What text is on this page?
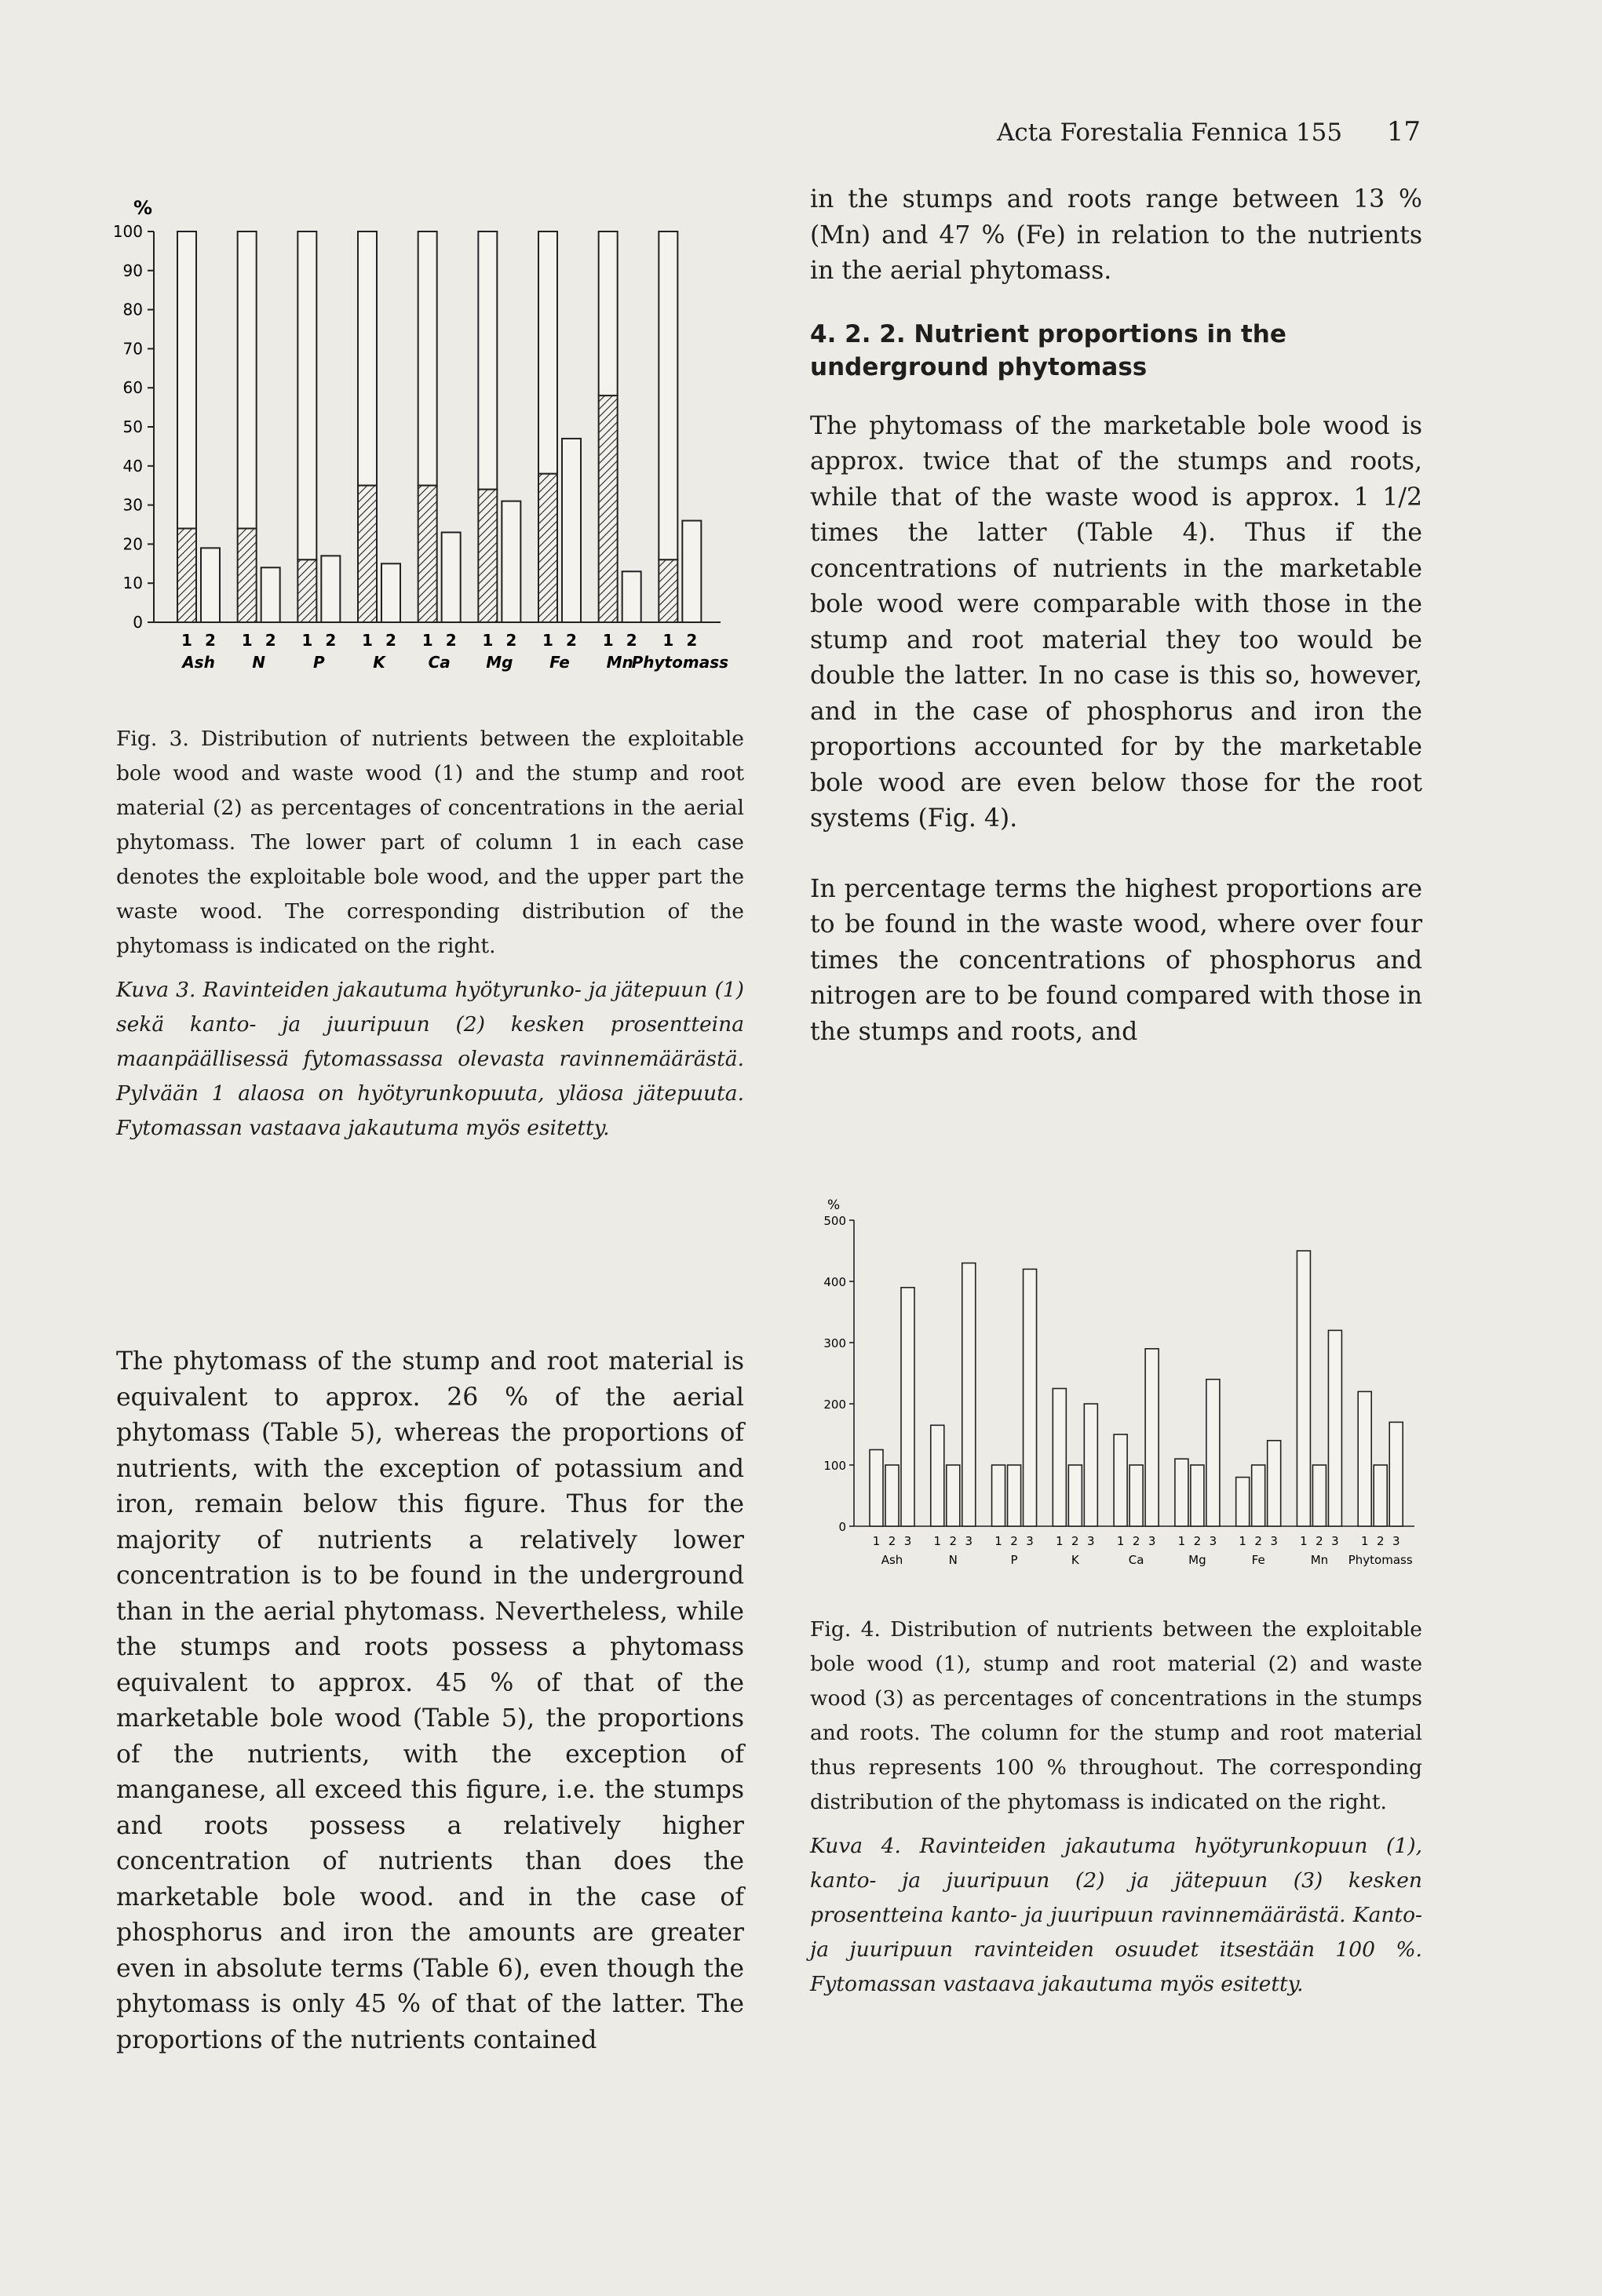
Acta Forestalia Fennica 155 17
%
0
10
20
30
40
50
60
70
80
90
100
1 2
Ash
1 2
N
1 2
P
1 2
K
1 2
Ca
1 2
Mg
1 2
Fe
1 2
Mn
1 2
Phytomass

Fig. 3. Distribution of nutrients between the exploitable bole wood and waste wood (1) and the stump and root material (2) as percentages of concentrations in the aerial phytomass. The lower part of column 1 in each case denotes the exploitable bole wood, and the upper part the waste wood. The corresponding distribution of the phytomass is indicated on the right.

Kuva 3. Ravinteiden jakautuma hyötyrunko- ja jätepuun (1) sekä kanto- ja juuripuun (2) kesken prosentteina maanpäällisessä fytomassassa olevasta ravinnemäärästä. Pylvään 1 alaosa on hyötyrunkopuuta, yläosa jätepuuta. Fytomassan vastaava jakautuma myös esitetty.

The phytomass of the stump and root material is equivalent to approx. 26 % of the aerial phytomass (Table 5), whereas the proportions of nutrients, with the exception of potassium and iron, remain below this figure. Thus for the majority of nutrients a relatively lower concentration is to be found in the underground than in the aerial phytomass. Nevertheless, while the stumps and roots possess a phytomass equivalent to approx. 45 % of that of the marketable bole wood (Table 5), the proportions of the nutrients, with the exception of manganese, all exceed this figure, i.e. the stumps and roots possess a relatively higher concentration of nutrients than does the marketable bole wood. and in the case of phosphorus and iron the amounts are greater even in absolute terms (Table 6), even though the phytomass is only 45 % of that of the latter. The proportions of the nutrients contained

in the stumps and roots range between 13 % (Mn) and 47 % (Fe) in relation to the nutrients in the aerial phytomass.

4. 2. 2. Nutrient proportions in the underground phytomass

The phytomass of the marketable bole wood is approx. twice that of the stumps and roots, while that of the waste wood is approx. 1 1/2 times the latter (Table 4). Thus if the concentrations of nutrients in the marketable bole wood were comparable with those in the stump and root material they too would be double the latter. In no case is this so, however, and in the case of phosphorus and iron the proportions accounted for by the marketable bole wood are even below those for the root systems (Fig. 4).

In percentage terms the highest proportions are to be found in the waste wood, where over four times the concentrations of phosphorus and nitrogen are to be found compared with those in the stumps and roots, and

%
0
100
200
300
400
500
1 2 3
Ash
1 2 3
N
1 2 3
P
1 2 3
K
1 2 3
Ca
1 2 3
Mg
1 2 3
Fe
1 2 3
Mn
1 2 3
Phytomass

Fig. 4. Distribution of nutrients between the exploitable bole wood (1), stump and root material (2) and waste wood (3) as percentages of concentrations in the stumps and roots. The column for the stump and root material thus represents 100 % throughout. The corresponding distribution of the phytomass is indicated on the right.

Kuva 4. Ravinteiden jakautuma hyötyrunkopuun (1), kanto- ja juuripuun (2) ja jätepuun (3) kesken prosentteina kanto- ja juuripuun ravinnemäärästä. Kanto- ja juuripuun ravinteiden osuudet itsestään 100 %. Fytomassan vastaava jakautuma myös esitetty.
